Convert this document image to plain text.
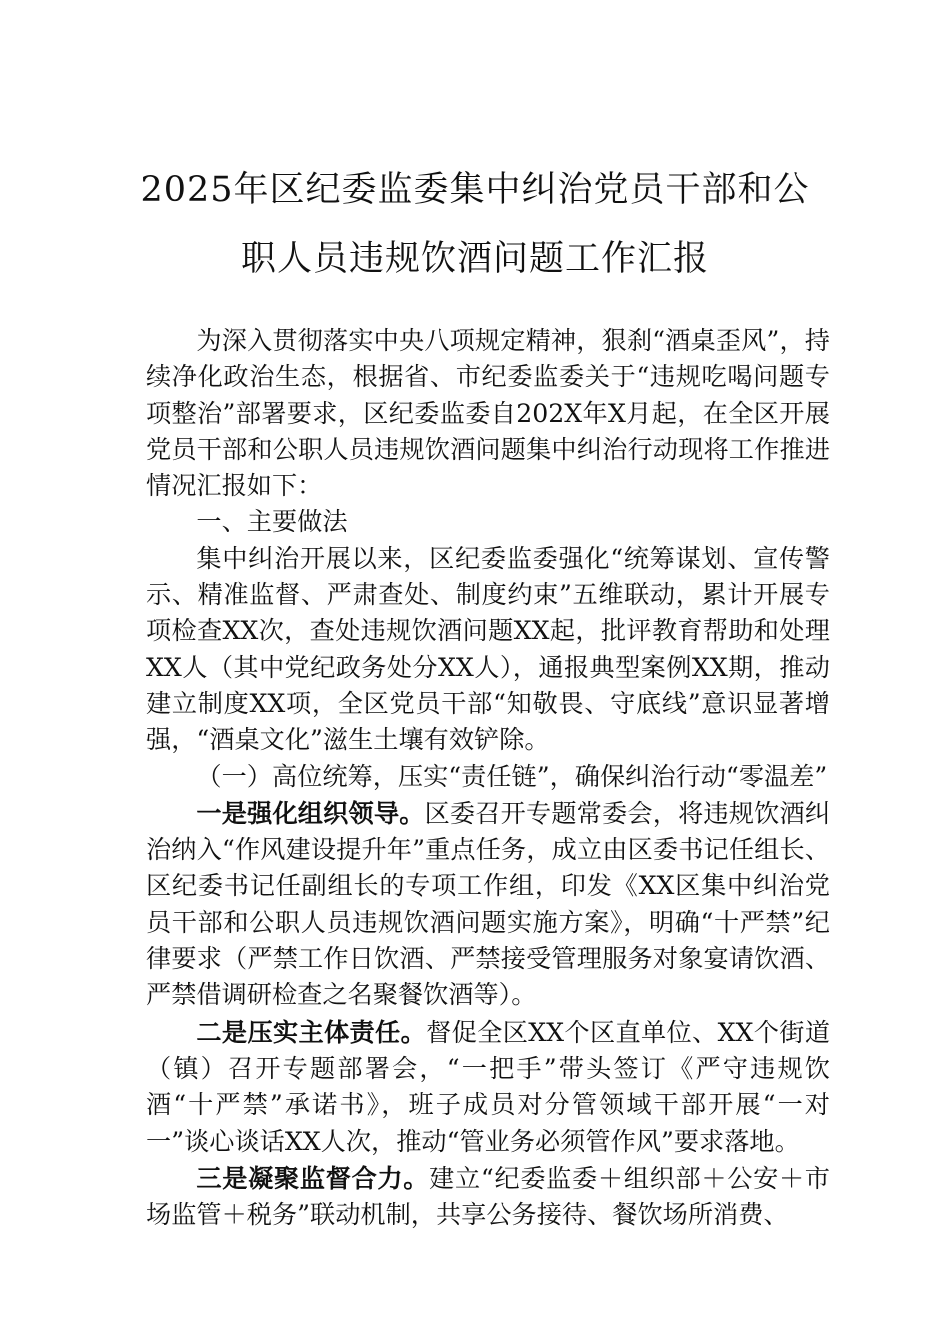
2025年区纪委监委集中纠治党员干部和公
职人员违规饮酒问题工作汇报

为深入贯彻落实中央八项规定精神，狠刹“酒桌歪风”，持续净化政治生态，根据省、市纪委监委关于“违规吃喝问题专项整治”部署要求，区纪委监委自202X年X月起，在全区开展党员干部和公职人员违规饮酒问题集中纠治行动现将工作推进情况汇报如下：

一、主要做法

集中纠治开展以来，区纪委监委强化“统筹谋划、宣传警示、精准监督、严肃查处、制度约束”五维联动，累计开展专项检查XX次，查处违规饮酒问题XX起，批评教育帮助和处理XX人（其中党纪政务处分XX人），通报典型案例XX期，推动建立制度XX项，全区党员干部“知敬畏、守底线”意识显著增强，“酒桌文化”滋生土壤有效铲除。

（一）高位统筹，压实“责任链”，确保纠治行动“零温差”

一是强化组织领导。区委召开专题常委会，将违规饮酒纠治纳入“作风建设提升年”重点任务，成立由区委书记任组长、区纪委书记任副组长的专项工作组，印发《XX区集中纠治党员干部和公职人员违规饮酒问题实施方案》，明确“十严禁”纪律要求（严禁工作日饮酒、严禁接受管理服务对象宴请饮酒、严禁借调研检查之名聚餐饮酒等）。

二是压实主体责任。督促全区XX个区直单位、XX个街道（镇）召开专题部署会，“一把手”带头签订《严守违规饮酒“十严禁”承诺书》，班子成员对分管领域干部开展“一对一”谈心谈话XX人次，推动“管业务必须管作风”要求落地。

三是凝聚监督合力。建立“纪委监委＋组织部＋公安＋市场监管＋税务”联动机制，共享公务接待、餐饮场所消费、
